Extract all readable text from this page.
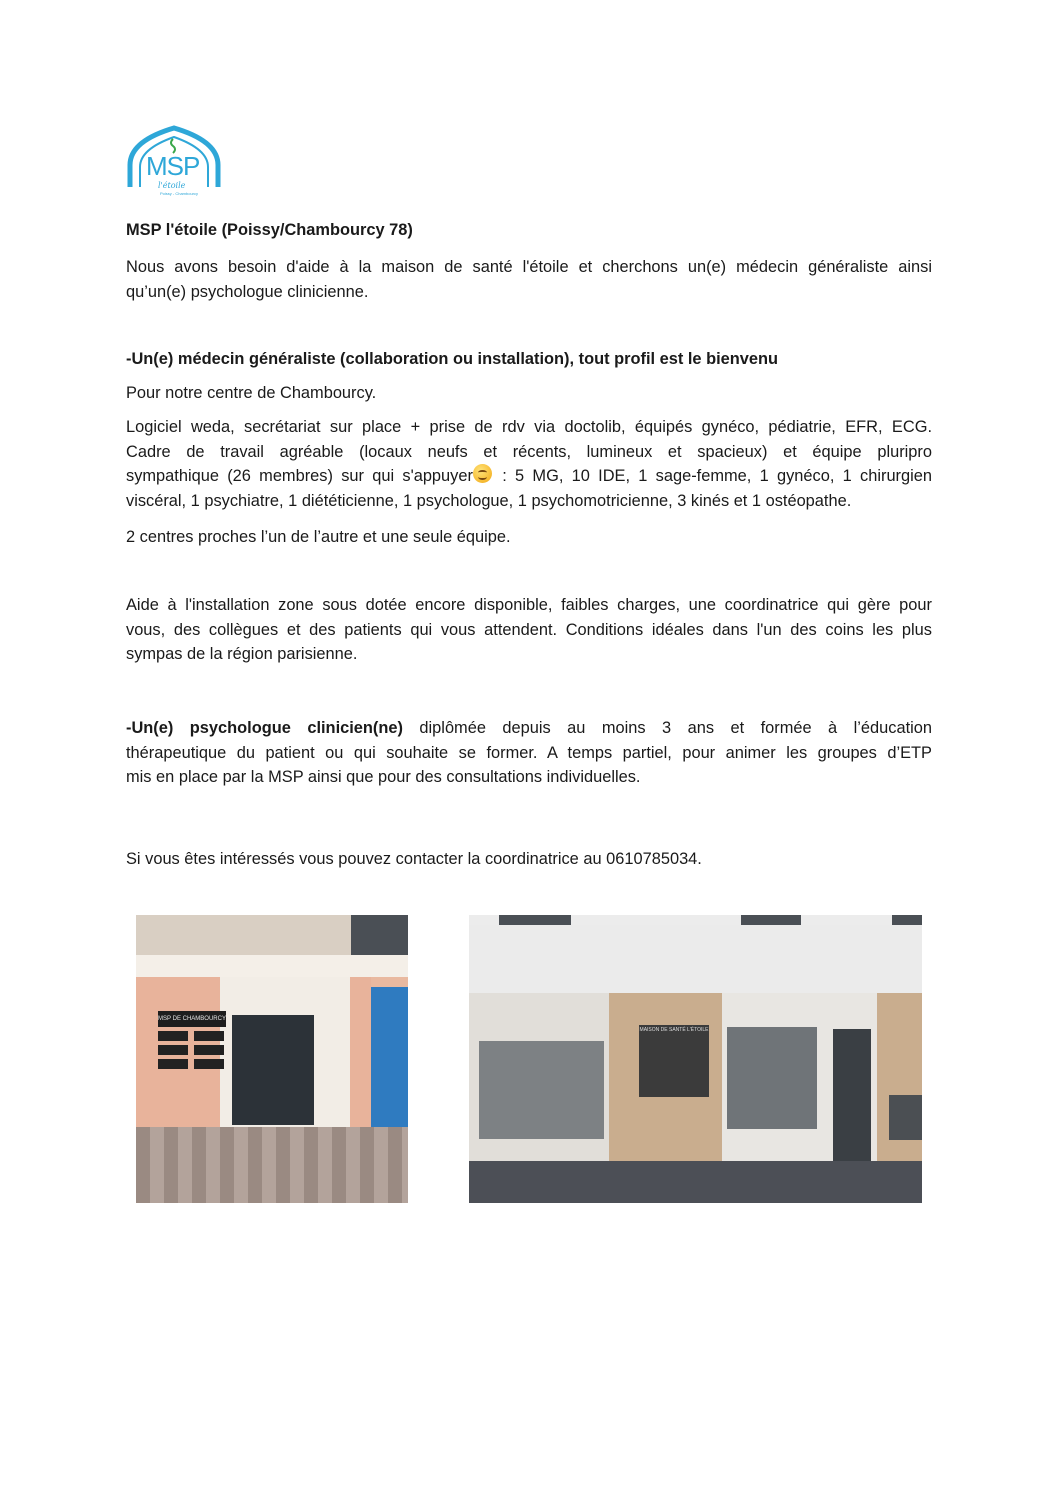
MSP
l'étoile
Poissy - Chambourcy

MSP l'étoile (Poissy/Chambourcy 78)

Nous avons besoin d'aide à la maison de santé l'étoile et cherchons un(e) médecin généraliste ainsi
qu’un(e) psychologue clinicienne.

-Un(e) médecin généraliste (collaboration ou installation), tout profil est le bienvenu

Pour notre centre de Chambourcy.

Logiciel weda, secrétariat sur place + prise de rdv via doctolib, équipés gynéco, pédiatrie, EFR, ECG.
Cadre de travail agréable (locaux neufs et récents, lumineux et spacieux) et équipe pluripro
sympathique (26 membres) sur qui s'appuyer : 5 MG, 10 IDE, 1 sage-femme, 1 gynéco, 1 chirurgien
viscéral, 1 psychiatre, 1 diététicienne, 1 psychologue, 1 psychomotricienne, 3 kinés et 1 ostéopathe.

2 centres proches l’un de l’autre et une seule équipe.

Aide à l'installation zone sous dotée encore disponible, faibles charges, une coordinatrice qui gère pour
vous, des collègues et des patients qui vous attendent. Conditions idéales dans l'un des coins les plus
sympas de la région parisienne.
-Un(e) psychologue clinicien(ne) diplômée depuis au moins 3 ans et formée à l’éducation
thérapeutique du patient ou qui souhaite se former. A temps partiel, pour animer les groupes d’ETP
mis en place par la MSP ainsi que pour des consultations individuelles.

Si vous êtes intéressés vous pouvez contacter la coordinatrice au 0610785034.

MSP DE CHAMBOURCY
MAISON DE SANTÉ L'ÉTOILE
